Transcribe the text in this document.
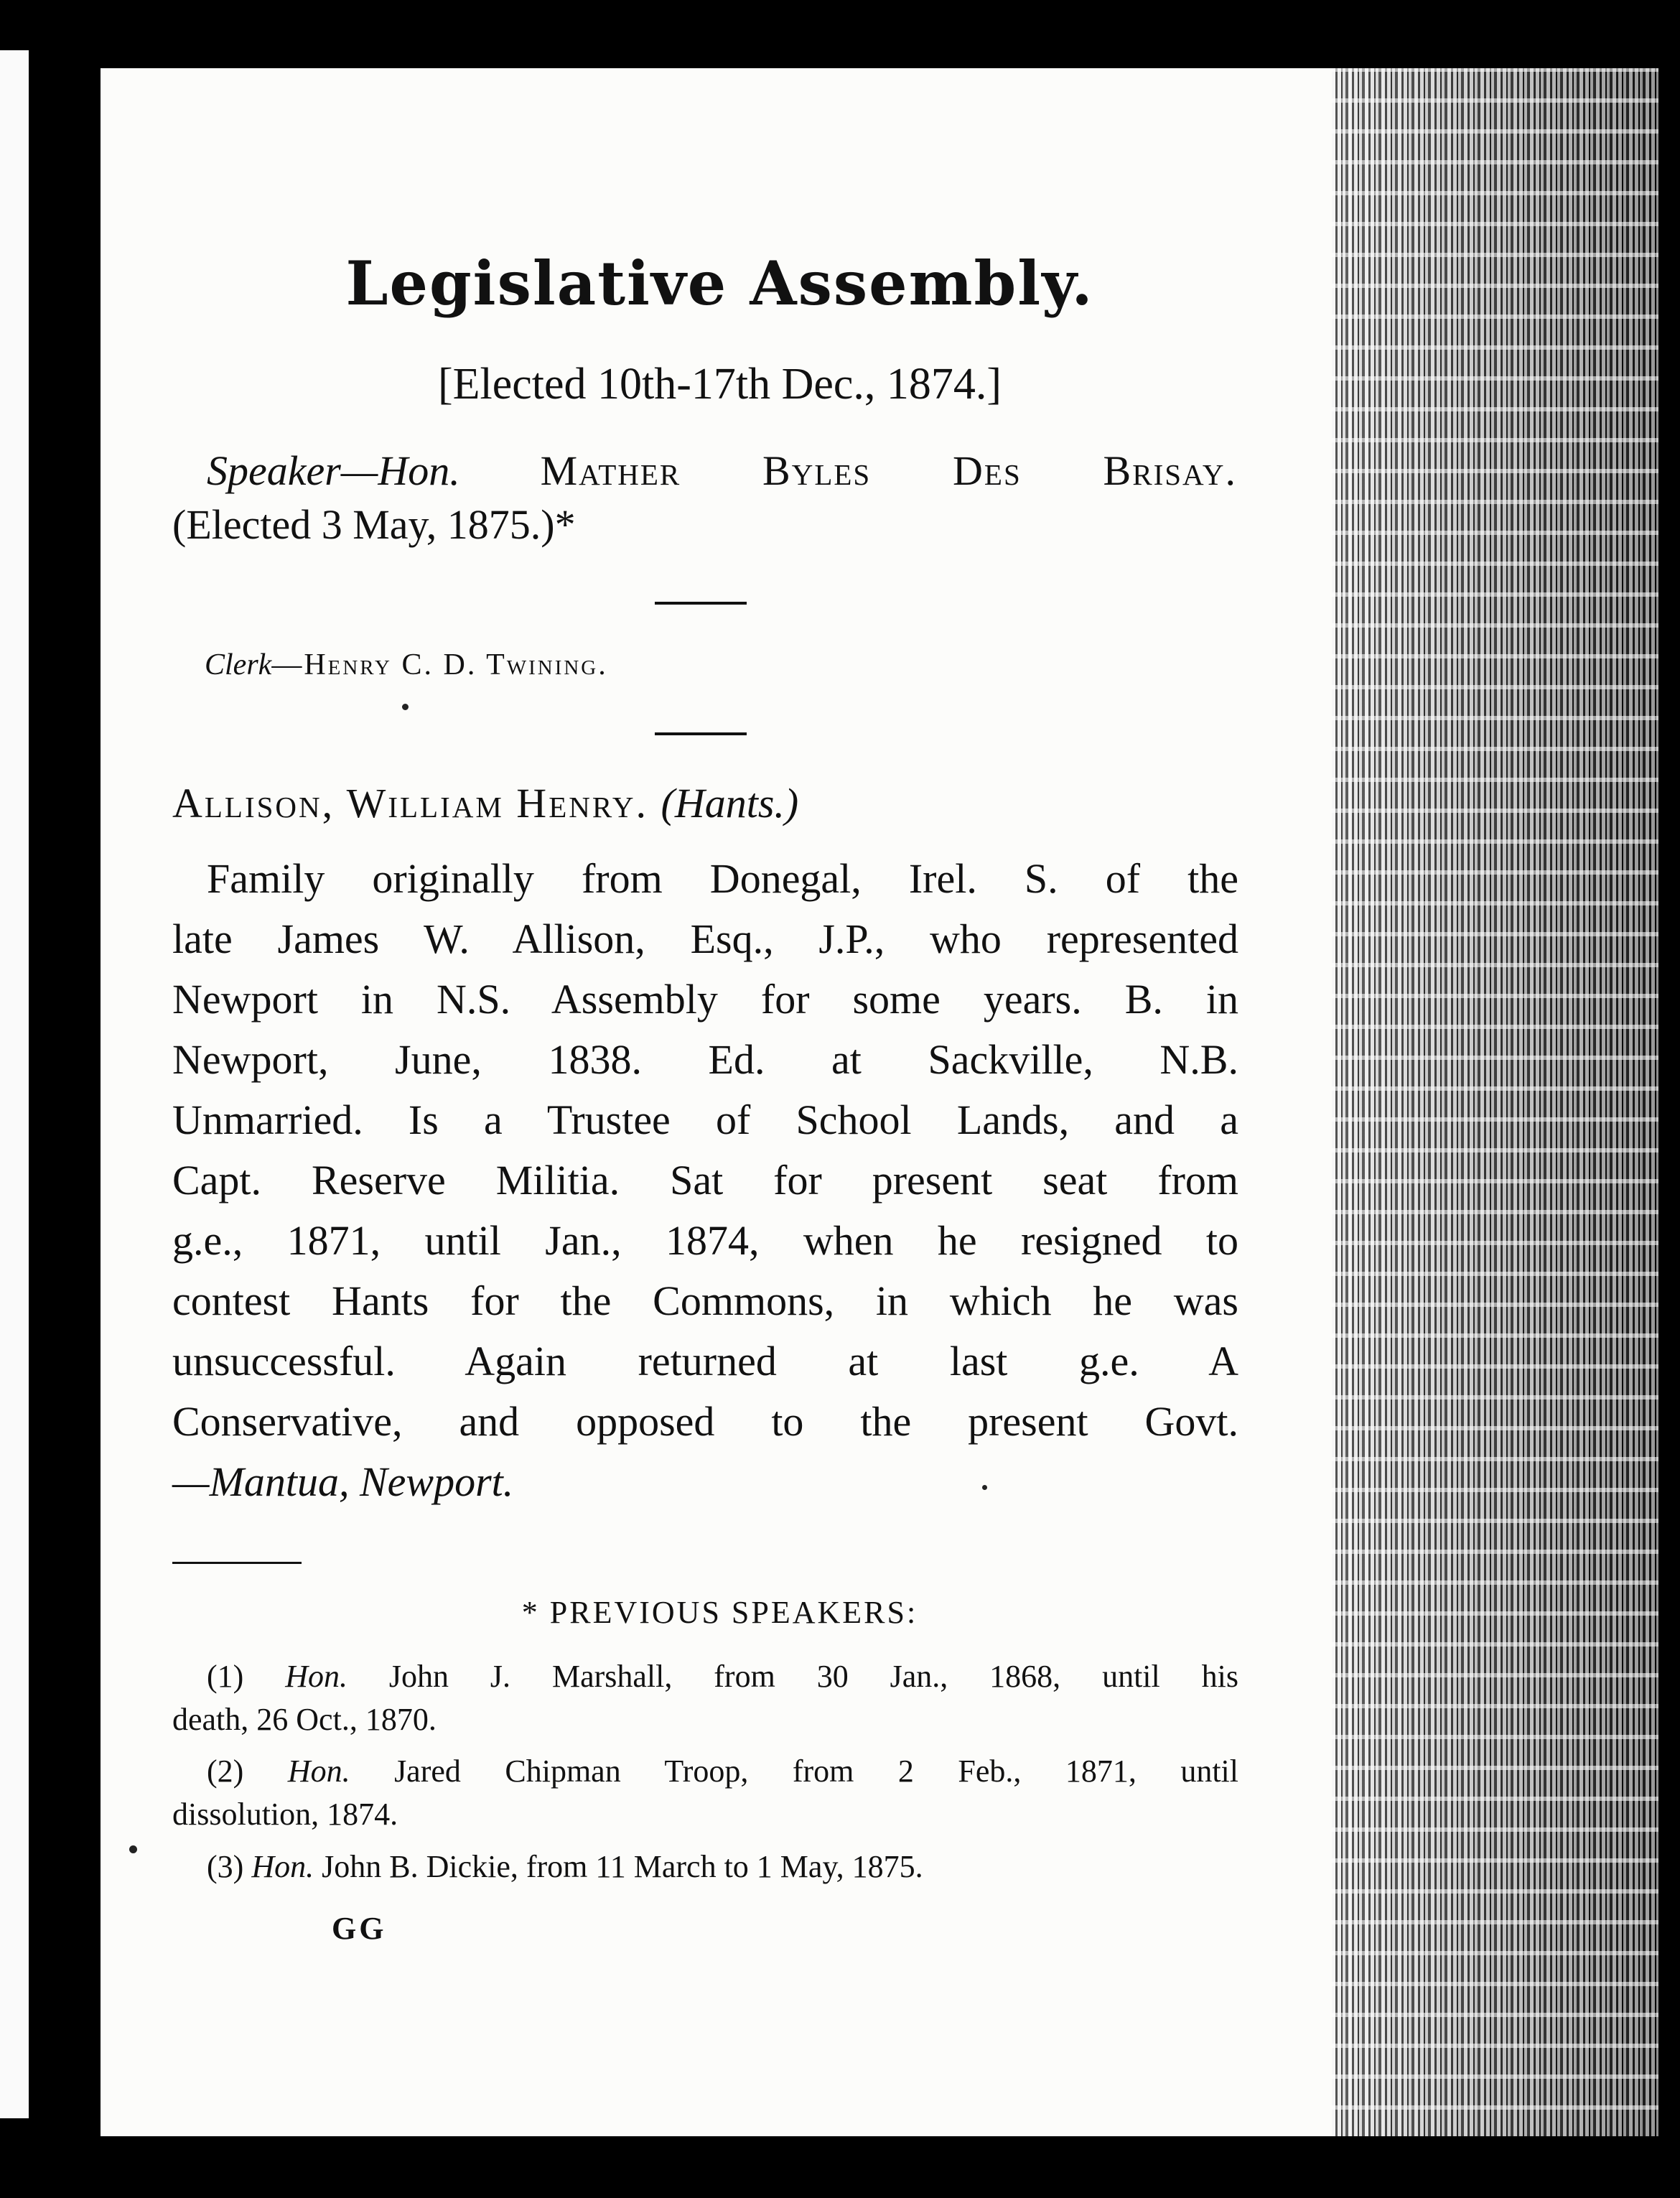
Legislative Assembly.
[Elected 10th-17th Dec., 1874.]
Speaker—Hon. Mather Byles Des Brisay.
(Elected 3 May, 1875.)*
Clerk—Henry C. D. Twining.
Allison, William Henry. (Hants.)
Family originally from Donegal, Irel. S. of the
late James W. Allison, Esq., J.P., who represented
Newport in N.S. Assembly for some years. B. in
Newport, June, 1838. Ed. at Sackville, N.B.
Unmarried. Is a Trustee of School Lands, and a
Capt. Reserve Militia. Sat for present seat from
g.e., 1871, until Jan., 1874, when he resigned to
contest Hants for the Commons, in which he was
unsuccessful. Again returned at last g.e. A
Conservative, and opposed to the present Govt.
—Mantua, Newport.
* PREVIOUS SPEAKERS:
(1) Hon. John J. Marshall, from 30 Jan., 1868, until his
death, 26 Oct., 1870.
(2) Hon. Jared Chipman Troop, from 2 Feb., 1871, until
dissolution, 1874.
(3) Hon. John B. Dickie, from 11 March to 1 May, 1875.
GG
